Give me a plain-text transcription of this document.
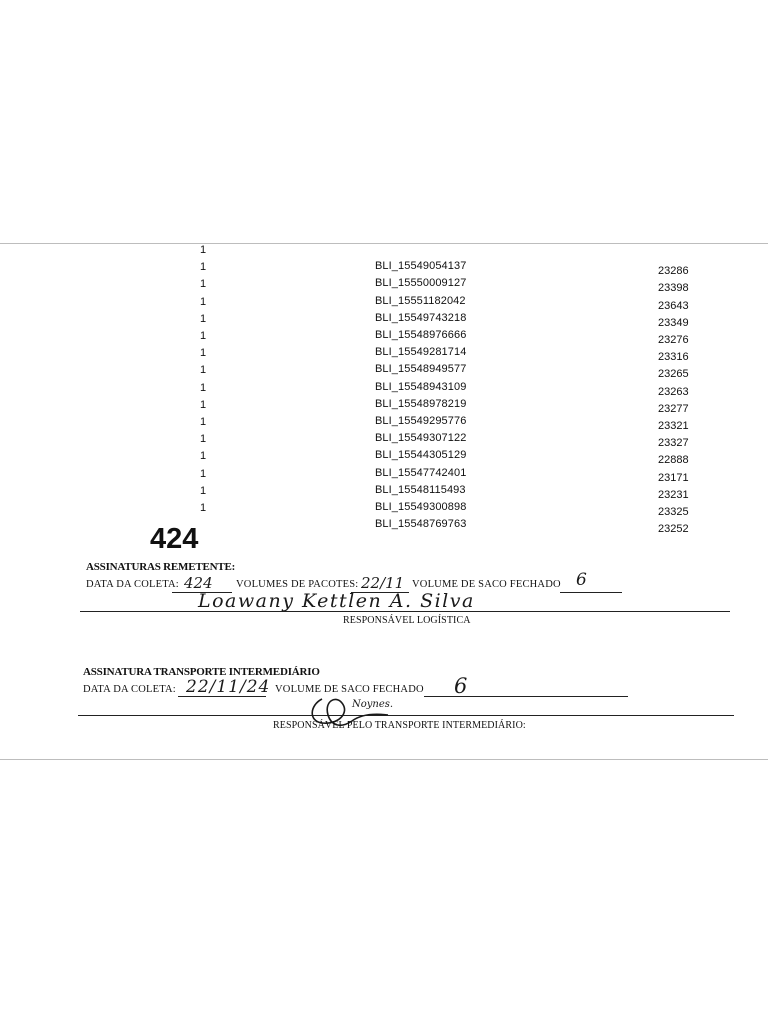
1
1	BLI_15549054137	23286
1	BLI_15550009127	23398
1	BLI_15551182042	23643
1	BLI_15549743218	23349
1	BLI_15548976666	23276
1	BLI_15549281714	23316
1	BLI_15548949577	23265
1	BLI_15548943109	23263
1	BLI_15548978219	23277
1	BLI_15549295776	23321
1	BLI_15549307122	23327
1	BLI_15544305129	22888
1	BLI_15547742401	23171
1	BLI_15548115493	23231
1	BLI_15549300898	23325
BLI_15548769763	23252
424
ASSINATURAS REMETENTE:
DATA DA COLETA: 424 VOLUMES DE PACOTES: 22/11 VOLUME DE SACO FECHADO 6
Loawany Kettlen A. Silva
RESPONSÁVEL LOGÍSTICA
ASSINATURA TRANSPORTE INTERMEDIÁRIO
DATA DA COLETA: 22/11/24 VOLUME DE SACO FECHADO 6
Noynes.
RESPONSÁVEL PELO TRANSPORTE INTERMEDIÁRIO:
